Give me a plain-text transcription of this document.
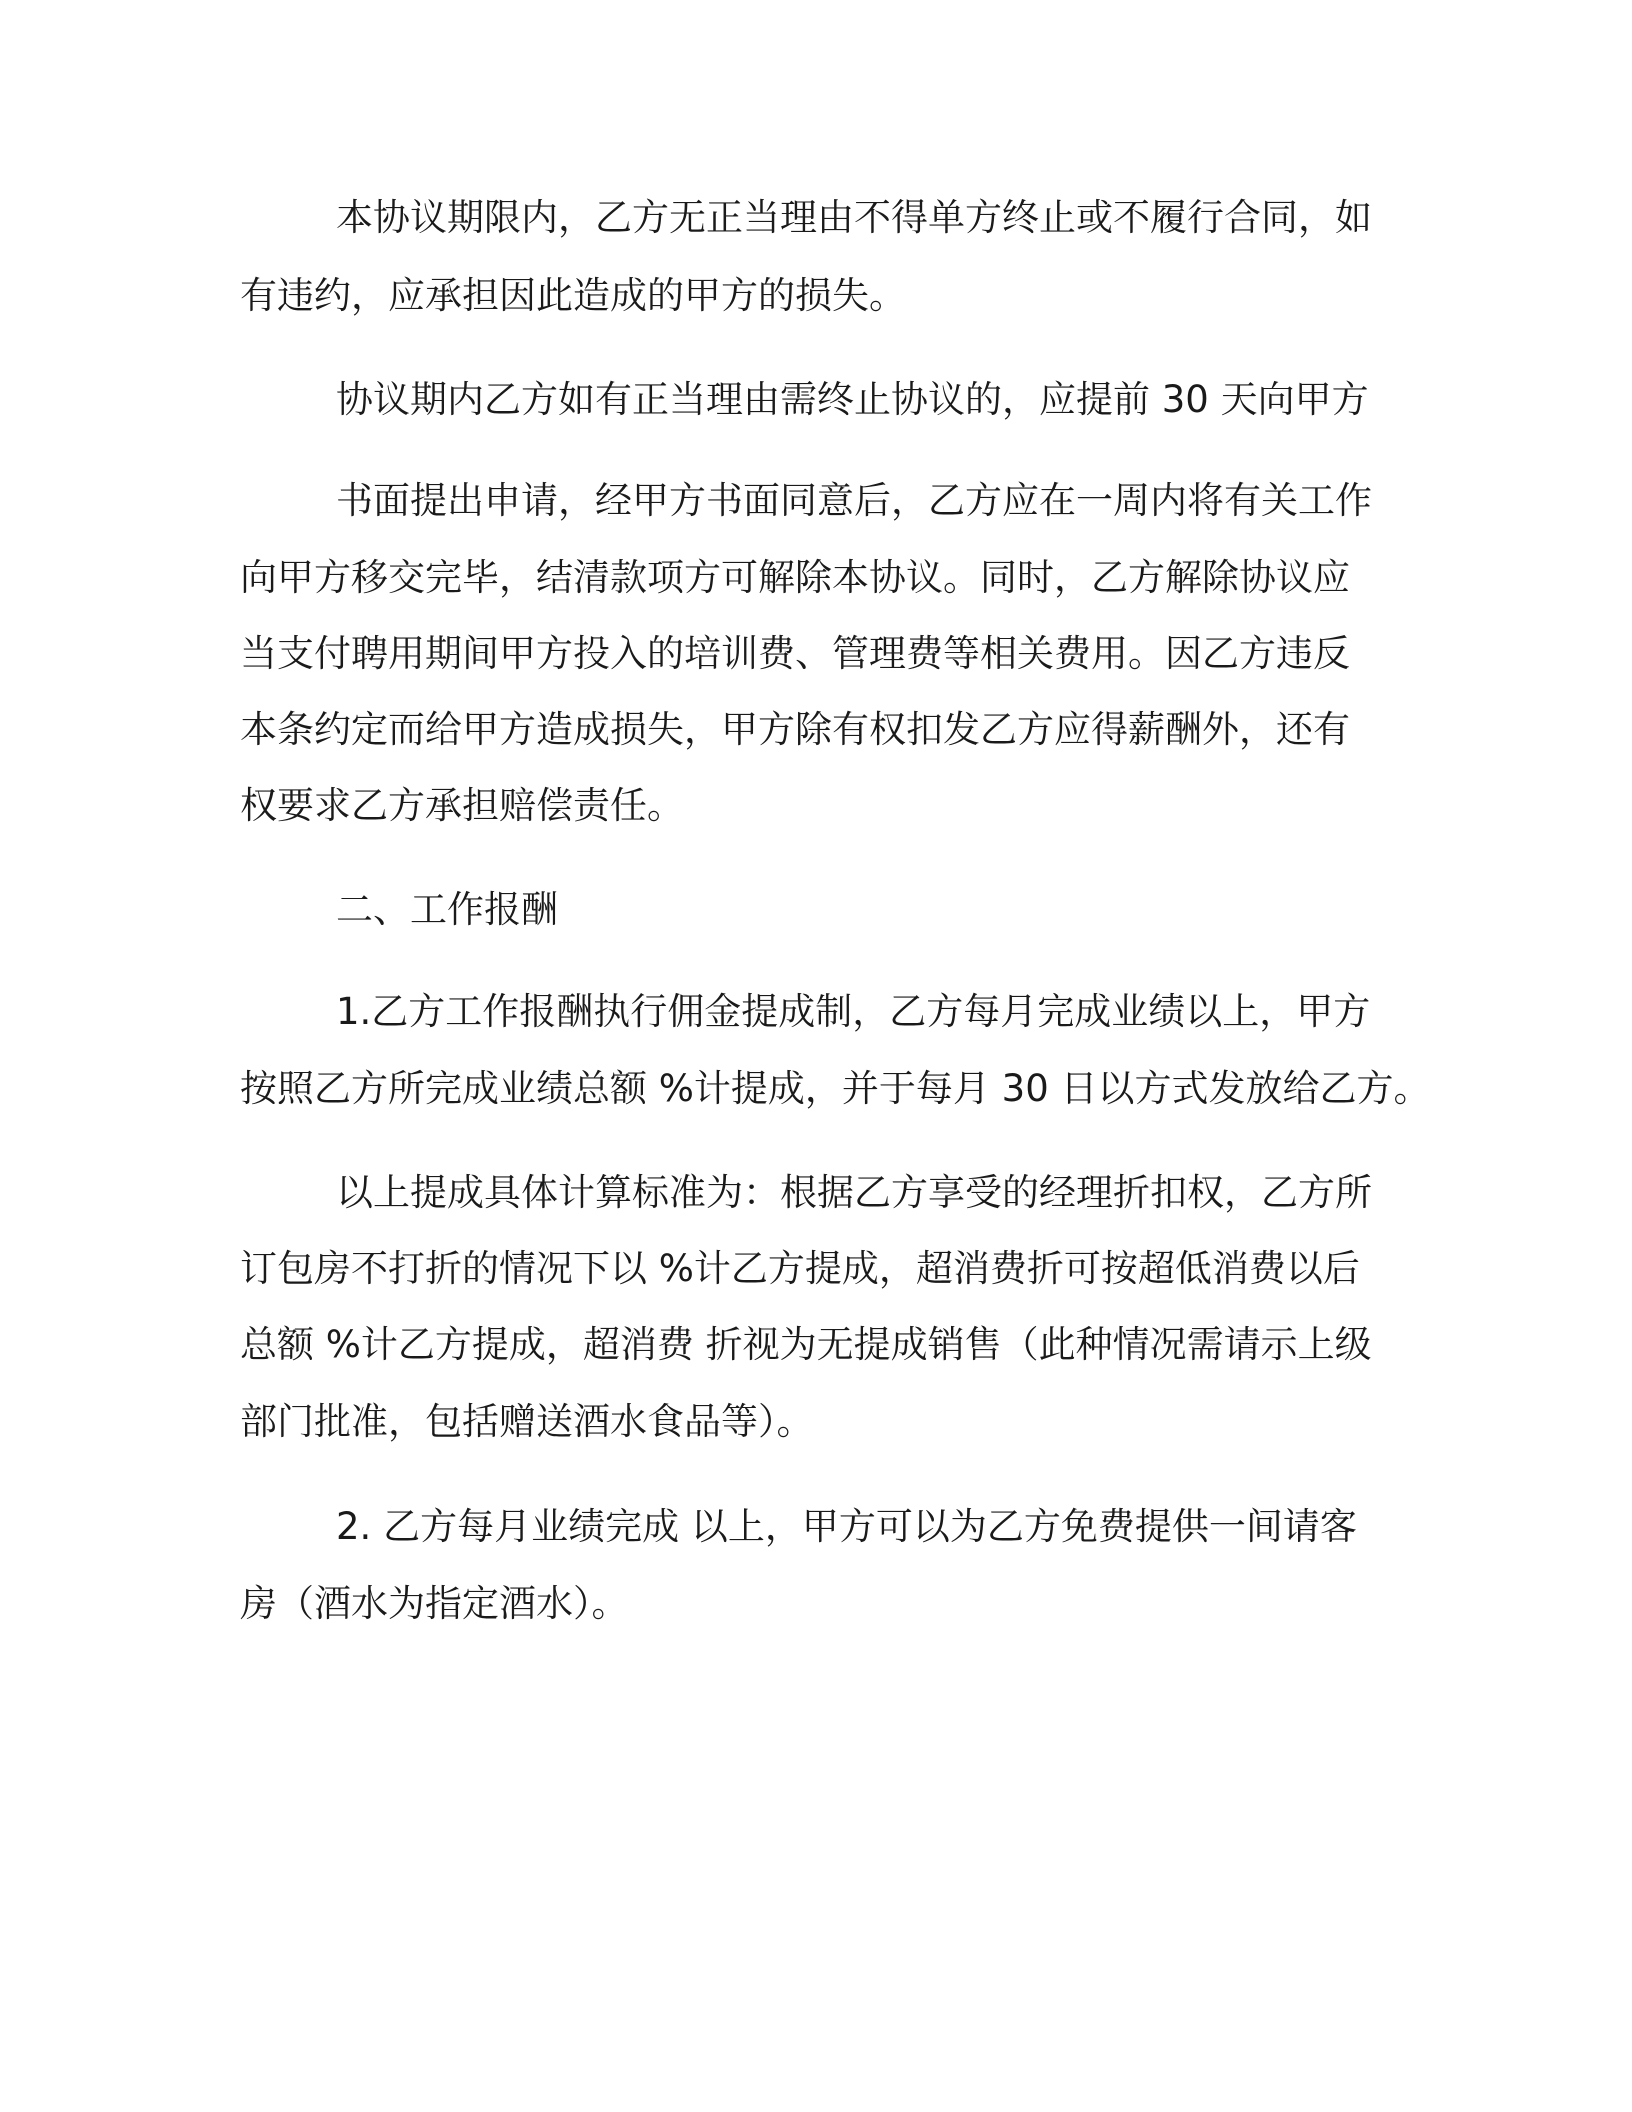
本协议期限内，乙方无正当理由不得单方终止或不履行合同，如
有违约，应承担因此造成的甲方的损失。
协议期内乙方如有正当理由需终止协议的，应提前 30 天向甲方
书面提出申请，经甲方书面同意后，乙方应在一周内将有关工作
向甲方移交完毕，结清款项方可解除本协议。同时，乙方解除协议应
当支付聘用期间甲方投入的培训费、管理费等相关费用。因乙方违反
本条约定而给甲方造成损失，甲方除有权扣发乙方应得薪酬外，还有
权要求乙方承担赔偿责任。
二、工作报酬
1.乙方工作报酬执行佣金提成制，乙方每月完成业绩以上，甲方
按照乙方所完成业绩总额 %计提成，并于每月 30 日以方式发放给乙方。
以上提成具体计算标准为：根据乙方享受的经理折扣权，乙方所
订包房不打折的情况下以 %计乙方提成，超消费折可按超低消费以后
总额 %计乙方提成，超消费 折视为无提成销售（此种情况需请示上级
部门批准，包括赠送酒水食品等）。
2. 乙方每月业绩完成 以上，甲方可以为乙方免费提供一间请客
房（酒水为指定酒水）。
